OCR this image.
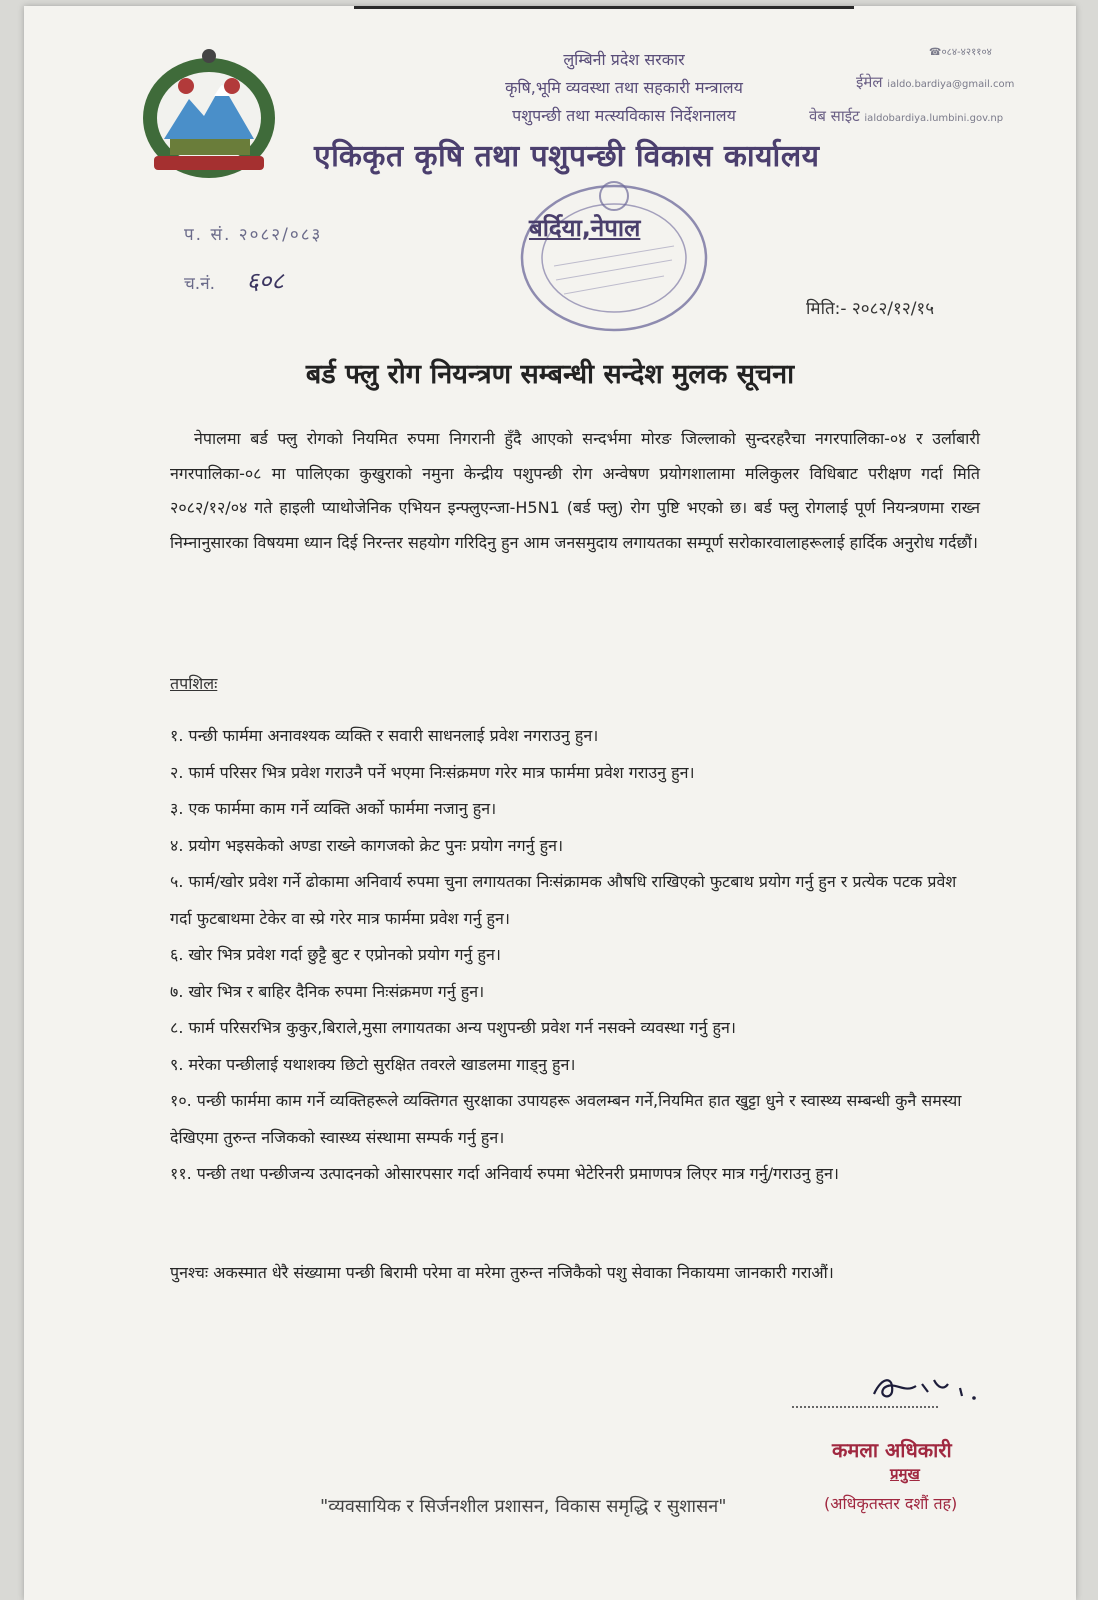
लुम्बिनी प्रदेश सरकार
कृषि,भूमि व्यवस्था तथा सहकारी मन्त्रालय
पशुपन्छी तथा मत्स्यविकास निर्देशनालय
☎०८४-४२११०४
ईमेल ialdo.bardiya@gmail.com
वेब साईट ialdobardiya.lumbini.gov.np
एकिकृत कृषि तथा पशुपन्छी विकास कार्यालय
प. सं. २०८२/०८३
च.नं. ६०८
बर्दिया,नेपाल
मिति:- २०८२/१२/१५
बर्ड फ्लु रोग नियन्त्रण सम्बन्धी सन्देश मुलक सूचना
नेपालमा बर्ड फ्लु रोगको नियमित रुपमा निगरानी हुँदै आएको सन्दर्भमा मोरङ जिल्लाको सुन्दरहरैचा नगरपालिका-०४ र उर्लाबारी नगरपालिका-०८ मा पालिएका कुखुराको नमुना केन्द्रीय पशुपन्छी रोग अन्वेषण प्रयोगशालामा मलिकुलर विधिबाट परीक्षण गर्दा मिति २०८२/१२/०४ गते हाइली प्याथोजेनिक एभियन इन्फ्लुएन्जा-H5N1 (बर्ड फ्लु) रोग पुष्टि भएको छ। बर्ड फ्लु रोगलाई पूर्ण नियन्त्रणमा राख्न निम्नानुसारका विषयमा ध्यान दिई निरन्तर सहयोग गरिदिनु हुन आम जनसमुदाय लगायतका सम्पूर्ण सरोकारवालाहरूलाई हार्दिक अनुरोध गर्दछौं।
तपशिलः
१. पन्छी फार्ममा अनावश्यक व्यक्ति र सवारी साधनलाई प्रवेश नगराउनु हुन।
२. फार्म परिसर भित्र प्रवेश गराउनै पर्ने भएमा निःसंक्रमण गरेर मात्र फार्ममा प्रवेश गराउनु हुन।
३. एक फार्ममा काम गर्ने व्यक्ति अर्को फार्ममा नजानु हुन।
४. प्रयोग भइसकेको अण्डा राख्ने कागजको क्रेट पुनः प्रयोग नगर्नु हुन।
५. फार्म/खोर प्रवेश गर्ने ढोकामा अनिवार्य रुपमा चुना लगायतका निःसंक्रामक औषधि राखिएको फुटबाथ प्रयोग गर्नु हुन र प्रत्येक पटक प्रवेश गर्दा फुटबाथमा टेकेर वा स्प्रे गरेर मात्र फार्ममा प्रवेश गर्नु हुन।
६. खोर भित्र प्रवेश गर्दा छुट्टै बुट र एप्रोनको प्रयोग गर्नु हुन।
७. खोर भित्र र बाहिर दैनिक रुपमा निःसंक्रमण गर्नु हुन।
८. फार्म परिसरभित्र कुकुर,बिराले,मुसा लगायतका अन्य पशुपन्छी प्रवेश गर्न नसक्ने व्यवस्था गर्नु हुन।
९. मरेका पन्छीलाई यथाशक्य छिटो सुरक्षित तवरले खाडलमा गाड्नु हुन।
१०. पन्छी फार्ममा काम गर्ने व्यक्तिहरूले व्यक्तिगत सुरक्षाका उपायहरू अवलम्बन गर्ने,नियमित हात खुट्टा धुने र स्वास्थ्य सम्बन्धी कुनै समस्या देखिएमा तुरुन्त नजिकको स्वास्थ्य संस्थामा सम्पर्क गर्नु हुन।
११. पन्छी तथा पन्छीजन्य उत्पादनको ओसारपसार गर्दा अनिवार्य रुपमा भेटेरिनरी प्रमाणपत्र लिएर मात्र गर्नु/गराउनु हुन।
पुनश्चः अकस्मात धेरै संख्यामा पन्छी बिरामी परेमा वा मरेमा तुरुन्त नजिकैको पशु सेवाका निकायमा जानकारी गराऔं।
कमला अधिकारी
प्रमुख
"व्यवसायिक र सिर्जनशील प्रशासन, विकास समृद्धि र सुशासन"	(अधिकृतस्तर दशौं तह)
